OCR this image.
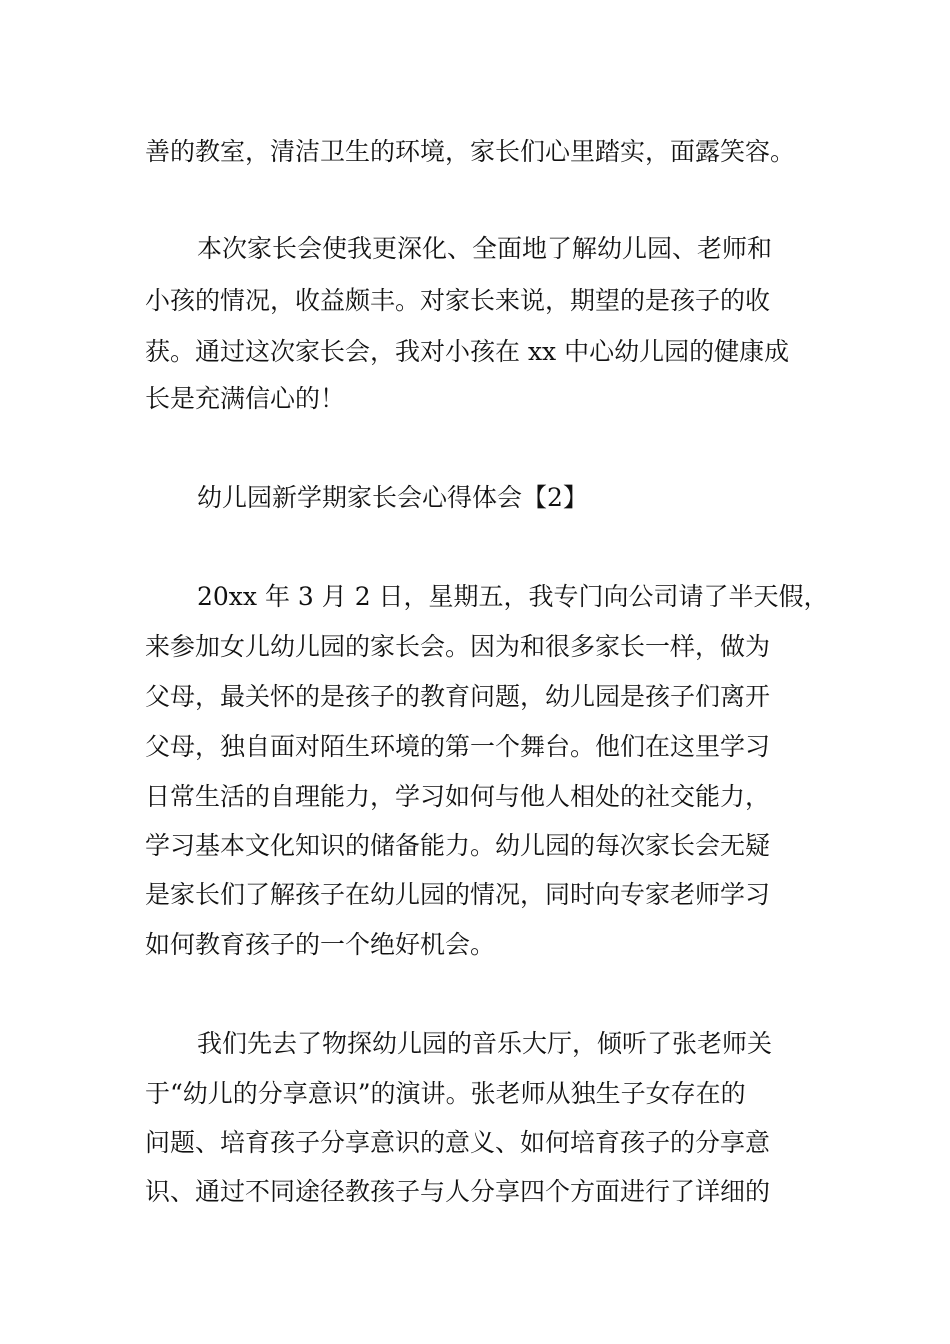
善的教室，清洁卫生的环境，家长们心里踏实，面露笑容。

本次家长会使我更深化、全面地了解幼儿园、老师和

小孩的情况，收益颇丰。对家长来说，期望的是孩子的收

获。通过这次家长会，我对小孩在 xx 中心幼儿园的健康成

长是充满信心的！

幼儿园新学期家长会心得体会【2】

20xx 年 3 月 2 日，星期五，我专门向公司请了半天假，

来参加女儿幼儿园的家长会。因为和很多家长一样，做为

父母，最关怀的是孩子的教育问题，幼儿园是孩子们离开

父母，独自面对陌生环境的第一个舞台。他们在这里学习

日常生活的自理能力，学习如何与他人相处的社交能力，

学习基本文化知识的储备能力。幼儿园的每次家长会无疑

是家长们了解孩子在幼儿园的情况，同时向专家老师学习

如何教育孩子的一个绝好机会。

我们先去了物探幼儿园的音乐大厅，倾听了张老师关

于“幼儿的分享意识”的演讲。张老师从独生子女存在的

问题、培育孩子分享意识的意义、如何培育孩子的分享意

识、通过不同途径教孩子与人分享四个方面进行了详细的
